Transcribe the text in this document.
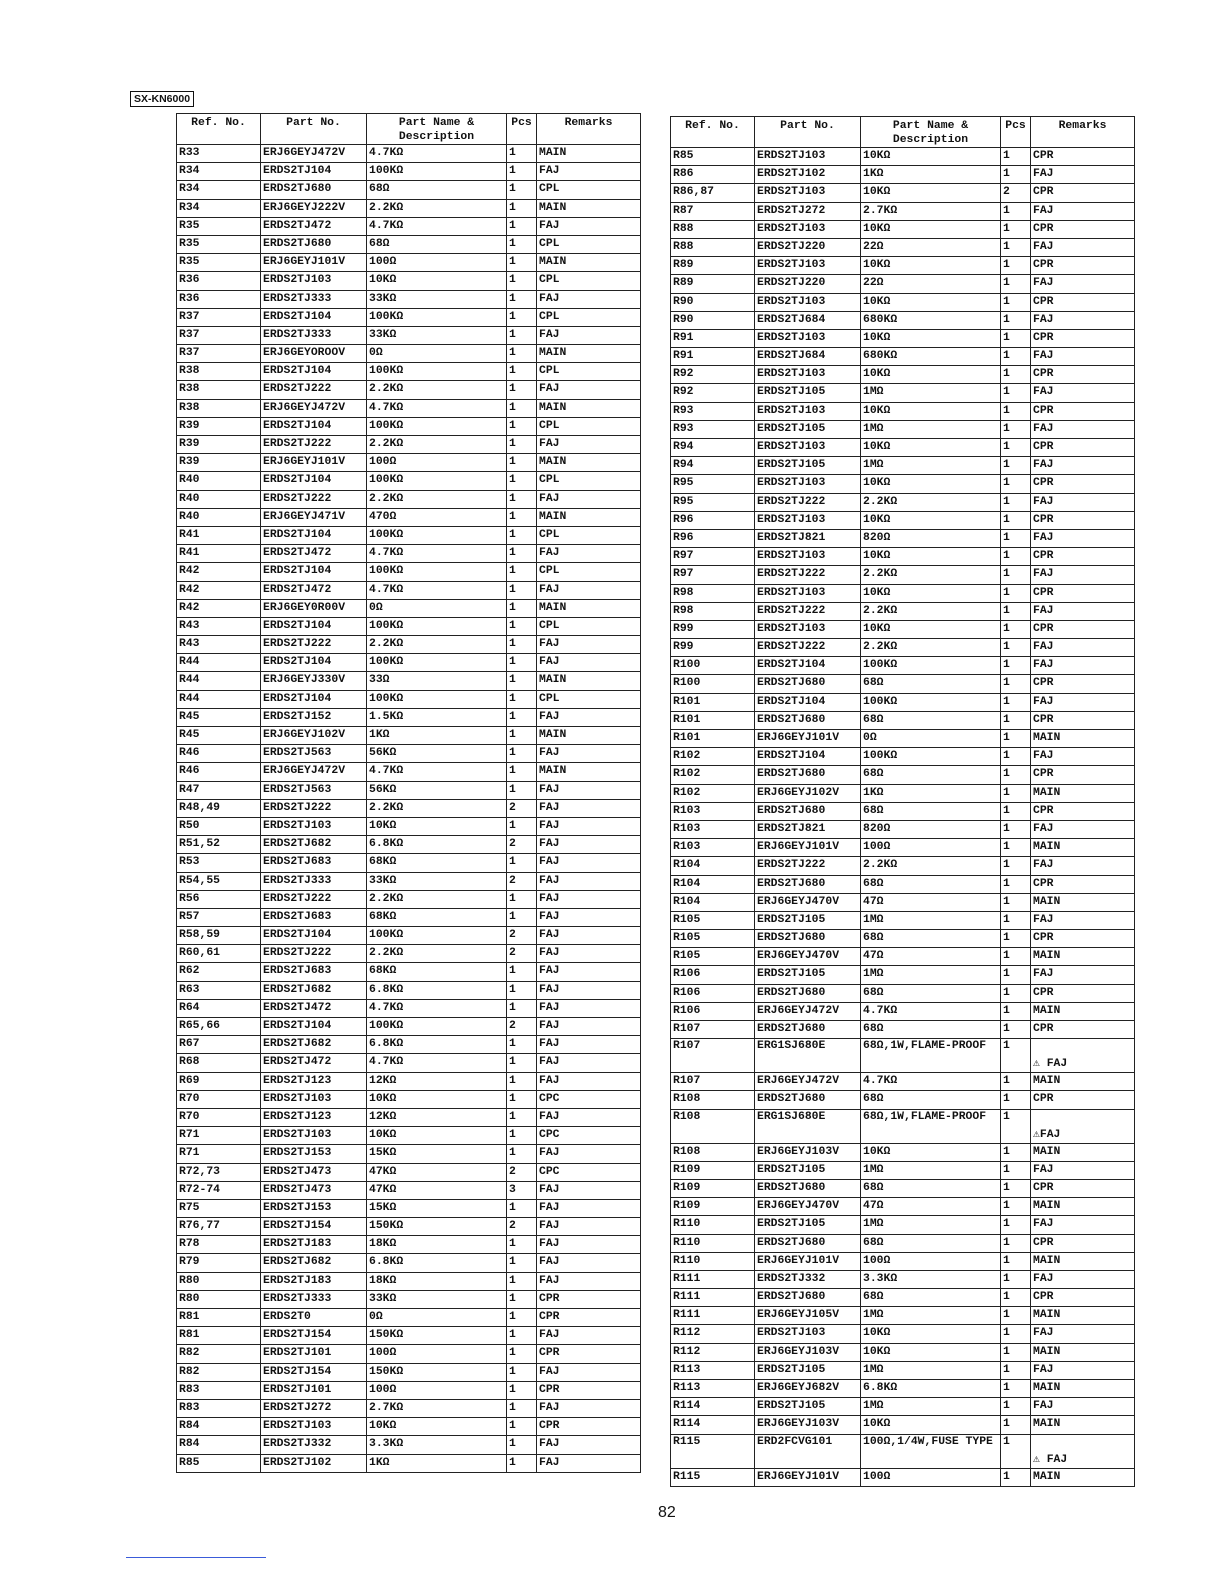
SX-KN6000
Ref. No.	Part No.	Part Name & Description	Pcs	Remarks
R33	ERJ6GEYJ472V	4.7KΩ	1	MAIN
R34	ERDS2TJ104	100KΩ	1	FAJ
R34	ERDS2TJ680	68Ω	1	CPL
R34	ERJ6GEYJ222V	2.2KΩ	1	MAIN
R35	ERDS2TJ472	4.7KΩ	1	FAJ
R35	ERDS2TJ680	68Ω	1	CPL
R35	ERJ6GEYJ101V	100Ω	1	MAIN
R36	ERDS2TJ103	10KΩ	1	CPL
R36	ERDS2TJ333	33KΩ	1	FAJ
R37	ERDS2TJ104	100KΩ	1	CPL
R37	ERDS2TJ333	33KΩ	1	FAJ
R37	ERJ6GEYOROOV	0Ω	1	MAIN
R38	ERDS2TJ104	100KΩ	1	CPL
R38	ERDS2TJ222	2.2KΩ	1	FAJ
R38	ERJ6GEYJ472V	4.7KΩ	1	MAIN
R39	ERDS2TJ104	100KΩ	1	CPL
R39	ERDS2TJ222	2.2KΩ	1	FAJ
R39	ERJ6GEYJ101V	100Ω	1	MAIN
R40	ERDS2TJ104	100KΩ	1	CPL
R40	ERDS2TJ222	2.2KΩ	1	FAJ
R40	ERJ6GEYJ471V	470Ω	1	MAIN
R41	ERDS2TJ104	100KΩ	1	CPL
R41	ERDS2TJ472	4.7KΩ	1	FAJ
R42	ERDS2TJ104	100KΩ	1	CPL
R42	ERDS2TJ472	4.7KΩ	1	FAJ
R42	ERJ6GEY0R00V	0Ω	1	MAIN
R43	ERDS2TJ104	100KΩ	1	CPL
R43	ERDS2TJ222	2.2KΩ	1	FAJ
R44	ERDS2TJ104	100KΩ	1	FAJ
R44	ERJ6GEYJ330V	33Ω	1	MAIN
R44	ERDS2TJ104	100KΩ	1	CPL
R45	ERDS2TJ152	1.5KΩ	1	FAJ
R45	ERJ6GEYJ102V	1KΩ	1	MAIN
R46	ERDS2TJ563	56KΩ	1	FAJ
R46	ERJ6GEYJ472V	4.7KΩ	1	MAIN
R47	ERDS2TJ563	56KΩ	1	FAJ
R48,49	ERDS2TJ222	2.2KΩ	2	FAJ
R50	ERDS2TJ103	10KΩ	1	FAJ
R51,52	ERDS2TJ682	6.8KΩ	2	FAJ
R53	ERDS2TJ683	68KΩ	1	FAJ
R54,55	ERDS2TJ333	33KΩ	2	FAJ
R56	ERDS2TJ222	2.2KΩ	1	FAJ
R57	ERDS2TJ683	68KΩ	1	FAJ
R58,59	ERDS2TJ104	100KΩ	2	FAJ
R60,61	ERDS2TJ222	2.2KΩ	2	FAJ
R62	ERDS2TJ683	68KΩ	1	FAJ
R63	ERDS2TJ682	6.8KΩ	1	FAJ
R64	ERDS2TJ472	4.7KΩ	1	FAJ
R65,66	ERDS2TJ104	100KΩ	2	FAJ
R67	ERDS2TJ682	6.8KΩ	1	FAJ
R68	ERDS2TJ472	4.7KΩ	1	FAJ
R69	ERDS2TJ123	12KΩ	1	FAJ
R70	ERDS2TJ103	10KΩ	1	CPC
R70	ERDS2TJ123	12KΩ	1	FAJ
R71	ERDS2TJ103	10KΩ	1	CPC
R71	ERDS2TJ153	15KΩ	1	FAJ
R72,73	ERDS2TJ473	47KΩ	2	CPC
R72-74	ERDS2TJ473	47KΩ	3	FAJ
R75	ERDS2TJ153	15KΩ	1	FAJ
R76,77	ERDS2TJ154	150KΩ	2	FAJ
R78	ERDS2TJ183	18KΩ	1	FAJ
R79	ERDS2TJ682	6.8KΩ	1	FAJ
R80	ERDS2TJ183	18KΩ	1	FAJ
R80	ERDS2TJ333	33KΩ	1	CPR
R81	ERDS2T0	0Ω	1	CPR
R81	ERDS2TJ154	150KΩ	1	FAJ
R82	ERDS2TJ101	100Ω	1	CPR
R82	ERDS2TJ154	150KΩ	1	FAJ
R83	ERDS2TJ101	100Ω	1	CPR
R83	ERDS2TJ272	2.7KΩ	1	FAJ
R84	ERDS2TJ103	10KΩ	1	CPR
R84	ERDS2TJ332	3.3KΩ	1	FAJ
R85	ERDS2TJ102	1KΩ	1	FAJ
Ref. No.	Part No.	Part Name & Description	Pcs	Remarks
R85	ERDS2TJ103	10KΩ	1	CPR
R86	ERDS2TJ102	1KΩ	1	FAJ
R86,87	ERDS2TJ103	10KΩ	2	CPR
R87	ERDS2TJ272	2.7KΩ	1	FAJ
R88	ERDS2TJ103	10KΩ	1	CPR
R88	ERDS2TJ220	22Ω	1	FAJ
R89	ERDS2TJ103	10KΩ	1	CPR
R89	ERDS2TJ220	22Ω	1	FAJ
R90	ERDS2TJ103	10KΩ	1	CPR
R90	ERDS2TJ684	680KΩ	1	FAJ
R91	ERDS2TJ103	10KΩ	1	CPR
R91	ERDS2TJ684	680KΩ	1	FAJ
R92	ERDS2TJ103	10KΩ	1	CPR
R92	ERDS2TJ105	1MΩ	1	FAJ
R93	ERDS2TJ103	10KΩ	1	CPR
R93	ERDS2TJ105	1MΩ	1	FAJ
R94	ERDS2TJ103	10KΩ	1	CPR
R94	ERDS2TJ105	1MΩ	1	FAJ
R95	ERDS2TJ103	10KΩ	1	CPR
R95	ERDS2TJ222	2.2KΩ	1	FAJ
R96	ERDS2TJ103	10KΩ	1	CPR
R96	ERDS2TJ821	820Ω	1	FAJ
R97	ERDS2TJ103	10KΩ	1	CPR
R97	ERDS2TJ222	2.2KΩ	1	FAJ
R98	ERDS2TJ103	10KΩ	1	CPR
R98	ERDS2TJ222	2.2KΩ	1	FAJ
R99	ERDS2TJ103	10KΩ	1	CPR
R99	ERDS2TJ222	2.2KΩ	1	FAJ
R100	ERDS2TJ104	100KΩ	1	FAJ
R100	ERDS2TJ680	68Ω	1	CPR
R101	ERDS2TJ104	100KΩ	1	FAJ
R101	ERDS2TJ680	68Ω	1	CPR
R101	ERJ6GEYJ101V	0Ω	1	MAIN
R102	ERDS2TJ104	100KΩ	1	FAJ
R102	ERDS2TJ680	68Ω	1	CPR
R102	ERJ6GEYJ102V	1KΩ	1	MAIN
R103	ERDS2TJ680	68Ω	1	CPR
R103	ERDS2TJ821	820Ω	1	FAJ
R103	ERJ6GEYJ101V	100Ω	1	MAIN
R104	ERDS2TJ222	2.2KΩ	1	FAJ
R104	ERDS2TJ680	68Ω	1	CPR
R104	ERJ6GEYJ470V	47Ω	1	MAIN
R105	ERDS2TJ105	1MΩ	1	FAJ
R105	ERDS2TJ680	68Ω	1	CPR
R105	ERJ6GEYJ470V	47Ω	1	MAIN
R106	ERDS2TJ105	1MΩ	1	FAJ
R106	ERDS2TJ680	68Ω	1	CPR
R106	ERJ6GEYJ472V	4.7KΩ	1	MAIN
R107	ERDS2TJ680	68Ω	1	CPR
R107	ERG1SJ680E	68Ω,1W,FLAME-PROOF	1	⚠ FAJ
R107	ERJ6GEYJ472V	4.7KΩ	1	MAIN
R108	ERDS2TJ680	68Ω	1	CPR
R108	ERG1SJ680E	68Ω,1W,FLAME-PROOF	1	⚠FAJ
R108	ERJ6GEYJ103V	10KΩ	1	MAIN
R109	ERDS2TJ105	1MΩ	1	FAJ
R109	ERDS2TJ680	68Ω	1	CPR
R109	ERJ6GEYJ470V	47Ω	1	MAIN
R110	ERDS2TJ105	1MΩ	1	FAJ
R110	ERDS2TJ680	68Ω	1	CPR
R110	ERJ6GEYJ101V	100Ω	1	MAIN
R111	ERDS2TJ332	3.3KΩ	1	FAJ
R111	ERDS2TJ680	68Ω	1	CPR
R111	ERJ6GEYJ105V	1MΩ	1	MAIN
R112	ERDS2TJ103	10KΩ	1	FAJ
R112	ERJ6GEYJ103V	10KΩ	1	MAIN
R113	ERDS2TJ105	1MΩ	1	FAJ
R113	ERJ6GEYJ682V	6.8KΩ	1	MAIN
R114	ERDS2TJ105	1MΩ	1	FAJ
R114	ERJ6GEYJ103V	10KΩ	1	MAIN
R115	ERD2FCVG101	100Ω,1/4W,FUSE TYPE	1	⚠ FAJ
R115	ERJ6GEYJ101V	100Ω	1	MAIN
82
